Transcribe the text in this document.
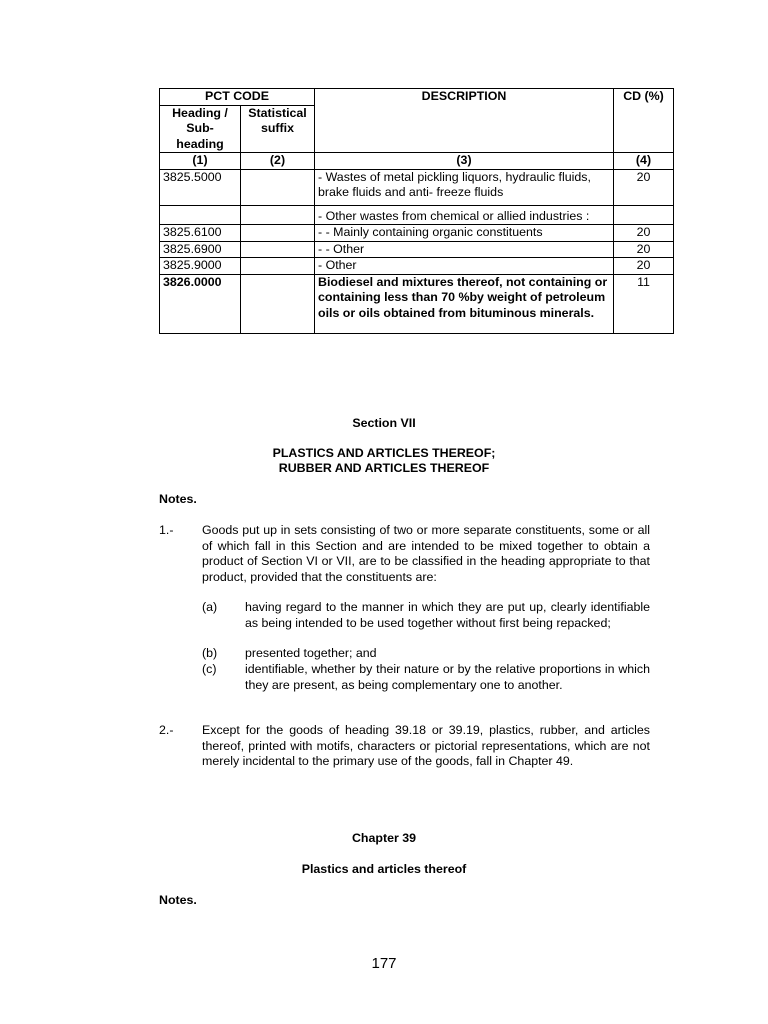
PCT CODE		DESCRIPTION	CD (%)
Heading / Sub-heading	Statistical suffix		
(1)	(2)	(3)	(4)
3825.5000		- Wastes of metal pickling liquors, hydraulic fluids, brake fluids and anti- freeze fluids	20
		- Other wastes from chemical or allied industries :	
3825.6100		- - Mainly containing organic constituents	20
3825.6900		- - Other	20
3825.9000		- Other	20
3826.0000		Biodiesel and mixtures thereof, not containing or containing less than 70 %by weight of petroleum oils or oils obtained from bituminous minerals.	11
Section VII
PLASTICS AND ARTICLES THEREOF;
RUBBER AND ARTICLES THEREOF
Notes.
1.- Goods put up in sets consisting of two or more separate constituents, some or all of which fall in this Section and are intended to be mixed together to obtain a product of Section VI or VII, are to be classified in the heading appropriate to that product, provided that the constituents are:
(a) having regard to the manner in which they are put up, clearly identifiable as being intended to be used together without first being repacked;
(b) presented together; and
(c) identifiable, whether by their nature or by the relative proportions in which they are present, as being complementary one to another.
2.- Except for the goods of heading 39.18 or 39.19, plastics, rubber, and articles thereof, printed with motifs, characters or pictorial representations, which are not merely incidental to the primary use of the goods, fall in Chapter 49.
Chapter 39
Plastics and articles thereof
Notes.
177
